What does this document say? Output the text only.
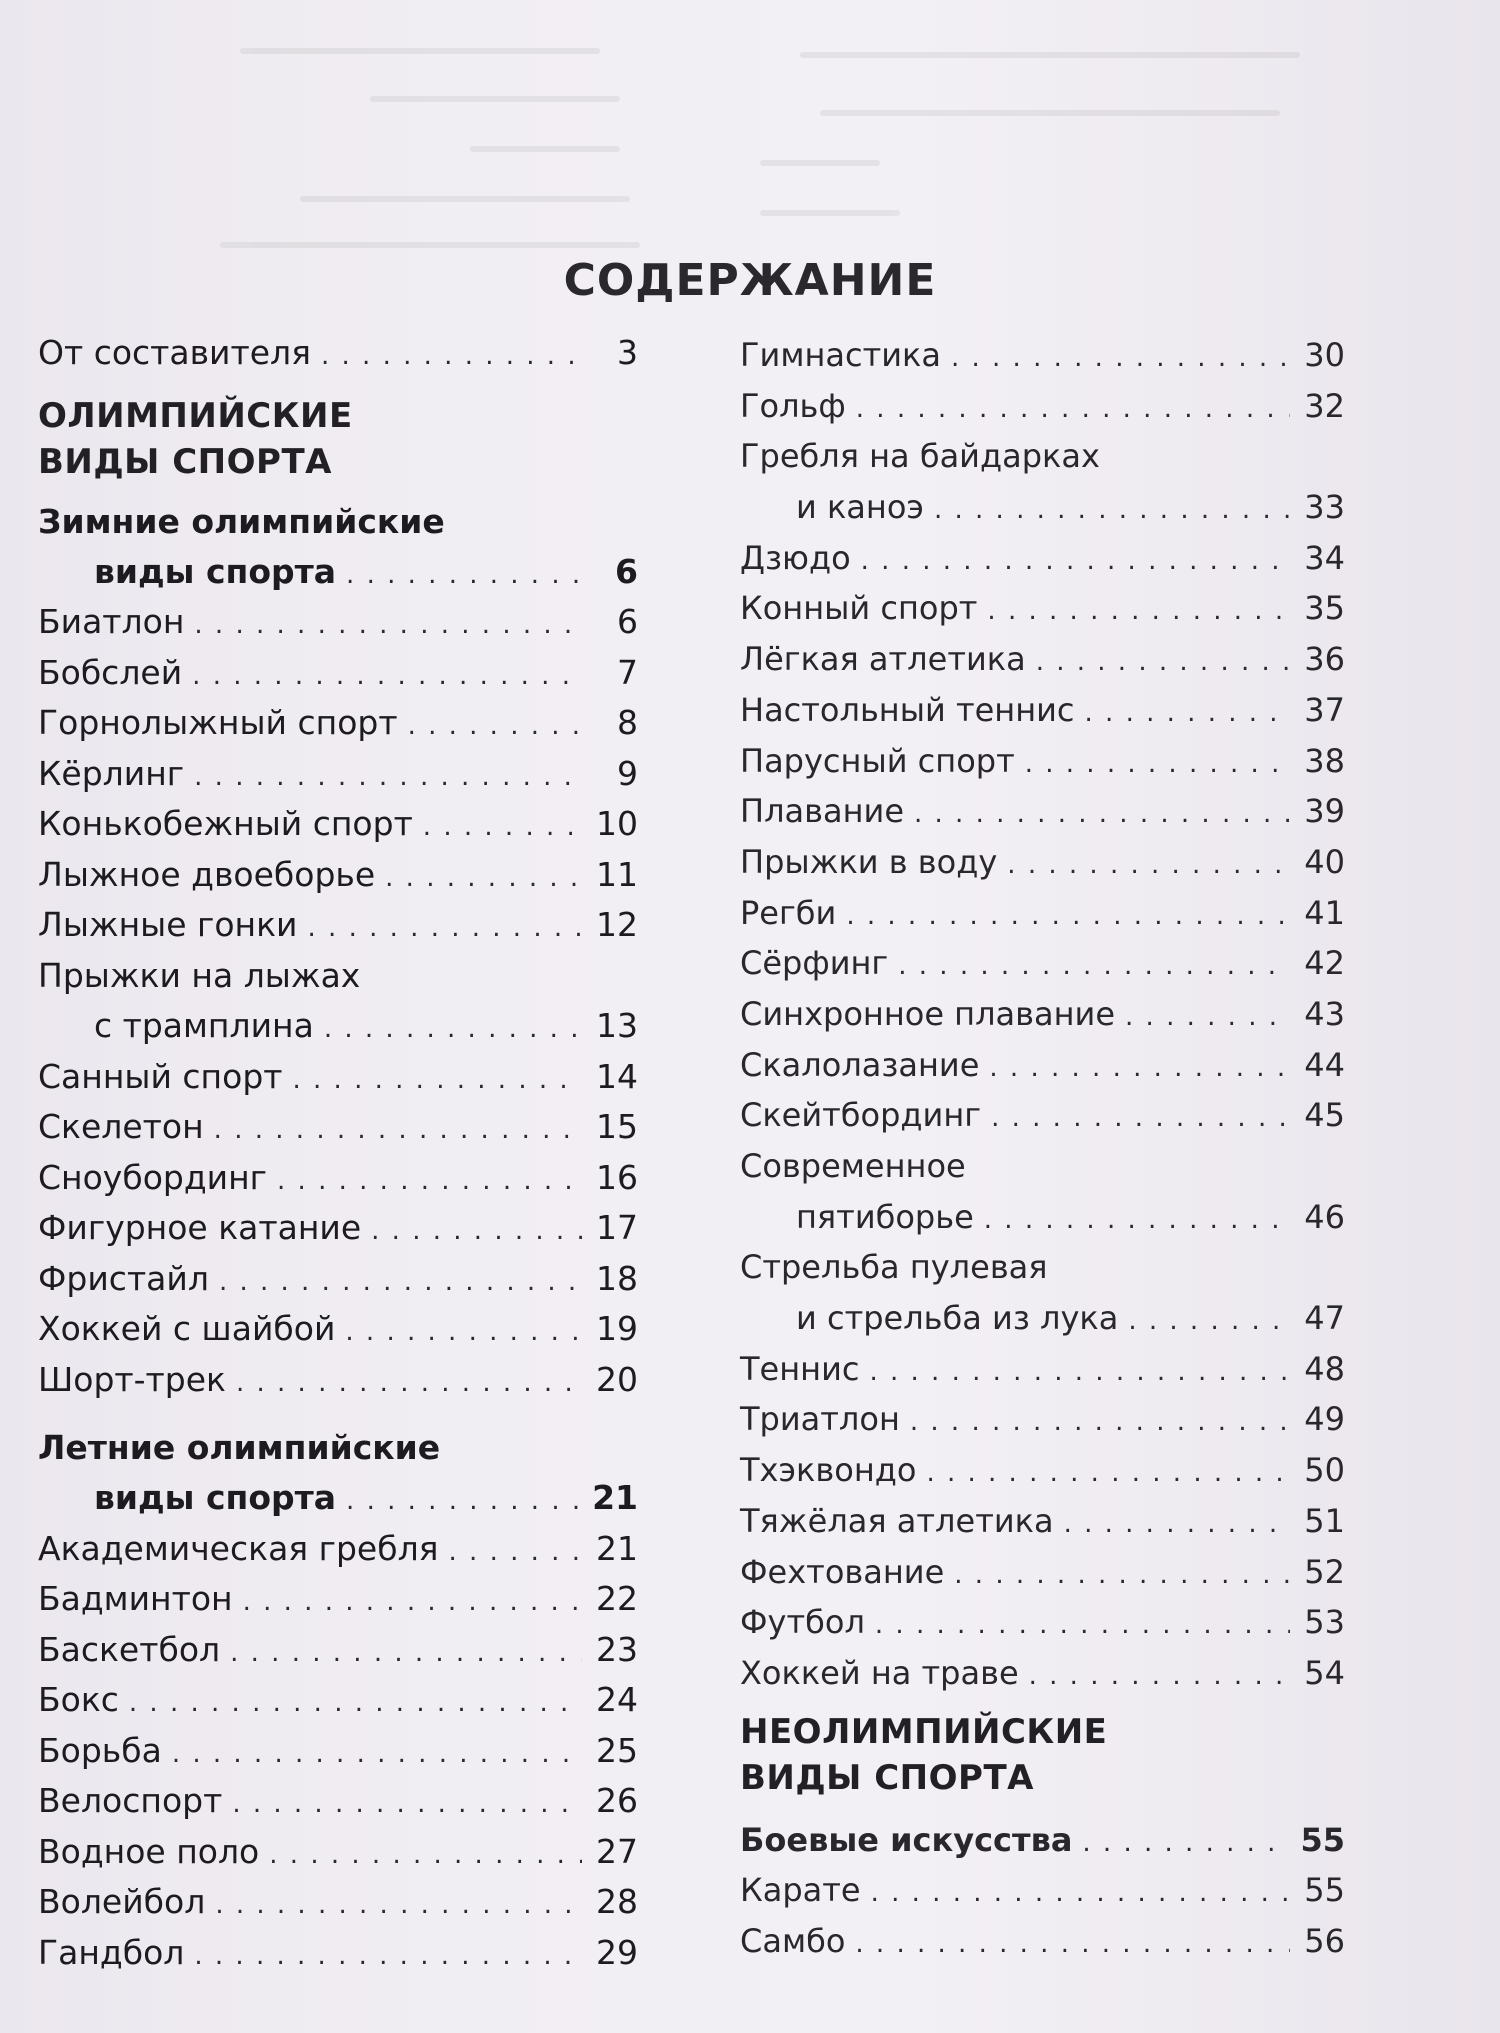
СОДЕРЖАНИЕ
От составителя . . .	3
ОЛИМПИЙСКИЕ
ВИДЫ СПОРТА
Зимние олимпийские
виды спорта . . .	6
Биатлон . . .	6
Бобслей . . .	7
Горнолыжный спорт . . .	8
Кёрлинг . . .	9
Конькобежный спорт . . .	10
Лыжное двоеборье . . .	11
Лыжные гонки . . .	12
Прыжки на лыжах
с трамплина . . .	13
Санный спорт . . .	14
Скелетон . . .	15
Сноубординг . . .	16
Фигурное катание . . .	17
Фристайл . . .	18
Хоккей с шайбой . . .	19
Шорт-трек . . .	20
Летние олимпийские
виды спорта . . .	21
Академическая гребля . . .	21
Бадминтон . . .	22
Баскетбол . . .	23
Бокс . . .	24
Борьба . . .	25
Велоспорт . . .	26
Водное поло . . .	27
Волейбол . . .	28
Гандбол . . .	29
Гимнастика . . .	30
Гольф . . .	32
Гребля на байдарках
и каноэ . . .	33
Дзюдо . . .	34
Конный спорт . . .	35
Лёгкая атлетика . . .	36
Настольный теннис . . .	37
Парусный спорт . . .	38
Плавание . . .	39
Прыжки в воду . . .	40
Регби . . .	41
Сёрфинг . . .	42
Синхронное плавание . . .	43
Скалолазание . . .	44
Скейтбординг . . .	45
Современное
пятиборье . . .	46
Стрельба пулевая
и стрельба из лука . . .	47
Теннис . . .	48
Триатлон . . .	49
Тхэквондо . . .	50
Тяжёлая атлетика . . .	51
Фехтование . . .	52
Футбол . . .	53
Хоккей на траве . . .	54
НЕОЛИМПИЙСКИЕ
ВИДЫ СПОРТА
Боевые искусства . . .	55
Карате . . .	55
Самбо . . .	56
